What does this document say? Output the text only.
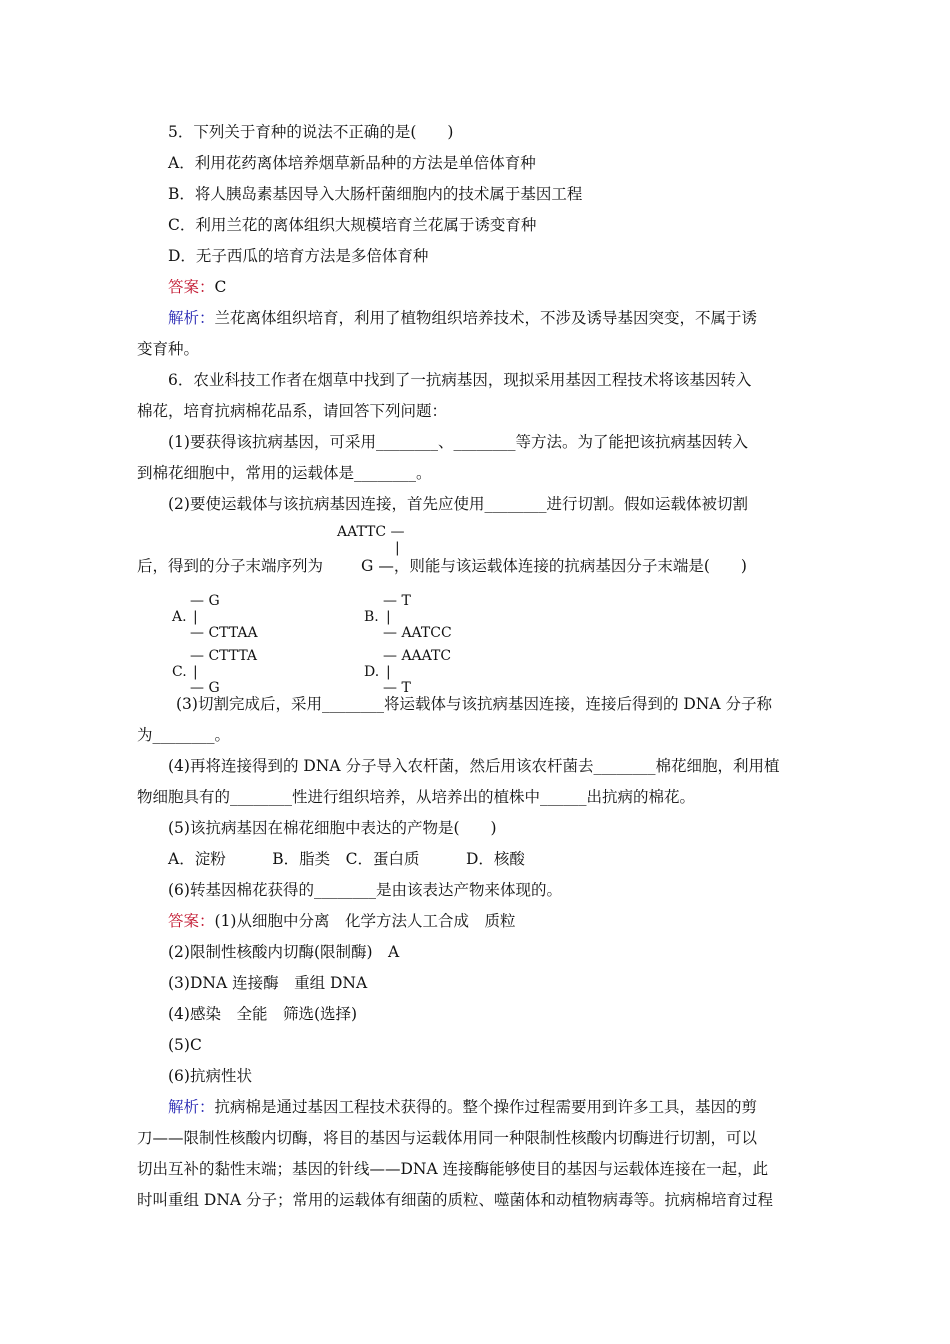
5．下列关于育种的说法不正确的是(　　)
A．利用花药离体培养烟草新品种的方法是单倍体育种
B．将人胰岛素基因导入大肠杆菌细胞内的技术属于基因工程
C．利用兰花的离体组织大规模培育兰花属于诱变育种
D．无子西瓜的培育方法是多倍体育种
答案：C
解析：兰花离体组织培育，利用了植物组织培养技术，不涉及诱导基因突变，不属于诱
变育种。
6．农业科技工作者在烟草中找到了一抗病基因，现拟采用基因工程技术将该基因转入
棉花，培育抗病棉花品系，请回答下列问题：
(1)要获得该抗病基因，可采用________、________等方法。为了能把该抗病基因转入
到棉花细胞中，常用的运载体是________。
(2)要使运载体与该抗病基因连接，首先应使用________进行切割。假如运载体被切割
AATTC —
|
后，得到的分子末端序列为 G —，则能与该运载体连接的抗病基因分子末端是(　　)
— G
A. |
— CTTAA
— T
B. |
— AATCC
— CTTTA
C. |
— G
— AAATC
D. |
— T
(3)切割完成后，采用________将运载体与该抗病基因连接，连接后得到的 DNA 分子称
为________。
(4)再将连接得到的 DNA 分子导入农杆菌，然后用该农杆菌去________棉花细胞，利用植
物细胞具有的________性进行组织培养，从培养出的植株中______出抗病的棉花。
(5)该抗病基因在棉花细胞中表达的产物是(　　)
A．淀粉　　　B．脂类　C．蛋白质　　　D．核酸
(6)转基因棉花获得的________是由该表达产物来体现的。
答案：(1)从细胞中分离　化学方法人工合成　质粒
(2)限制性核酸内切酶(限制酶)　A
(3)DNA 连接酶　重组 DNA
(4)感染　全能　筛选(选择)
(5)C
(6)抗病性状
解析：抗病棉是通过基因工程技术获得的。整个操作过程需要用到许多工具，基因的剪
刀——限制性核酸内切酶，将目的基因与运载体用同一种限制性核酸内切酶进行切割，可以
切出互补的黏性末端；基因的针线——DNA 连接酶能够使目的基因与运载体连接在一起，此
时叫重组 DNA 分子；常用的运载体有细菌的质粒、噬菌体和动植物病毒等。抗病棉培育过程
